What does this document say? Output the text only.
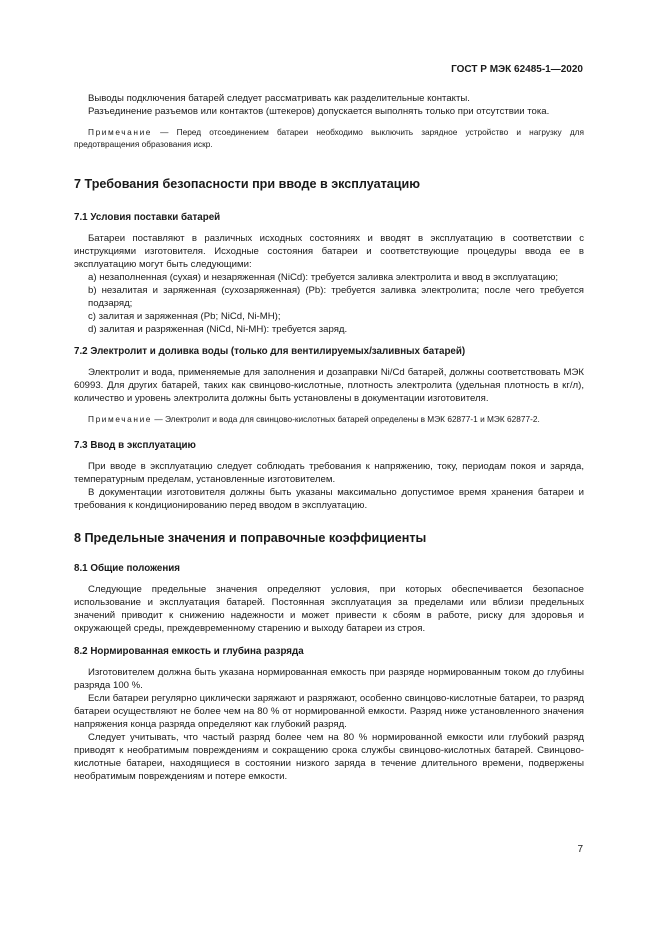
ГОСТ Р МЭК 62485-1—2020

Выводы подключения батарей следует рассматривать как разделительные контакты.

Разъединение разъемов или контактов (штекеров) допускается выполнять только при отсутствии тока.

Примечание — Перед отсоединением батареи необходимо выключить зарядное устройство и нагрузку для предотвращения образования искр.

7 Требования безопасности при вводе в эксплуатацию
7.1 Условия поставки батарей

Батареи поставляют в различных исходных состояниях и вводят в эксплуатацию в соответствии с инструкциями изготовителя. Исходные состояния батареи и соответствующие процедуры ввода ее в эксплуатацию могут быть следующими:

a) незаполненная (сухая) и незаряженная (NiCd): требуется заливка электролита и ввод в эксплуатацию;

b) незалитая и заряженная (сухозаряженная) (Pb): требуется заливка электролита; после чего требуется подзаряд;

c) залитая и заряженная (Pb; NiCd, Ni-MH);

d) залитая и разряженная (NiCd, Ni-MH): требуется заряд.

7.2 Электролит и доливка воды (только для вентилируемых/заливных батарей)

Электролит и вода, применяемые для заполнения и дозаправки Ni/Cd батарей, должны соответствовать МЭК 60993. Для других батарей, таких как свинцово-кислотные, плотность электролита (удельная плотность в кг/л), количество и уровень электролита должны быть установлены в документации изготовителя.

Примечание — Электролит и вода для свинцово-кислотных батарей определены в МЭК 62877-1 и МЭК 62877-2.

7.3 Ввод в эксплуатацию

При вводе в эксплуатацию следует соблюдать требования к напряжению, току, периодам покоя и заряда, температурным пределам, установленные изготовителем.

В документации изготовителя должны быть указаны максимально допустимое время хранения батареи и требования к кондиционированию перед вводом в эксплуатацию.

8 Предельные значения и поправочные коэффициенты
8.1 Общие положения

Следующие предельные значения определяют условия, при которых обеспечивается безопасное использование и эксплуатация батарей. Постоянная эксплуатация за пределами или вблизи предельных значений приводит к снижению надежности и может привести к сбоям в работе, риску для здоровья и окружающей среды, преждевременному старению и выходу батареи из строя.

8.2 Нормированная емкость и глубина разряда

Изготовителем должна быть указана нормированная емкость при разряде нормированным током до глубины разряда 100 %.

Если батареи регулярно циклически заряжают и разряжают, особенно свинцово-кислотные батареи, то разряд батареи осуществляют не более чем на 80 % от нормированной емкости. Разряд ниже установленного значения напряжения конца разряда определяют как глубокий разряд.

Следует учитывать, что частый разряд более чем на 80 % нормированной емкости или глубокий разряд приводят к необратимым повреждениям и сокращению срока службы свинцово-кислотных батарей. Свинцово-кислотные батареи, находящиеся в состоянии низкого заряда в течение длительного времени, подвержены необратимым повреждениям и потере емкости.

7
